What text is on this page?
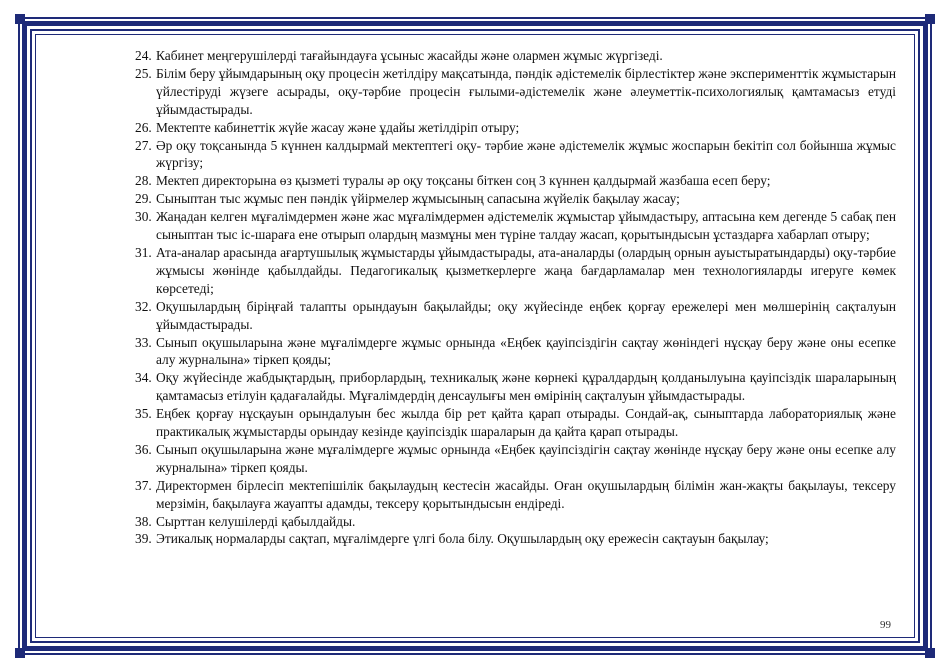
24. Кабинет меңгерушілерді тағайындауға ұсыныс жасайды және олармен жұмыс жүргізеді.

25. Білім беру ұйымдарының оқу процесін жетілдіру мақсатында, пәндік әдістемелік бірлестіктер және эксперименттік жұмыстарын үйлестіруді жүзеге асырады, оқу-тәрбие процесін ғылыми-әдістемелік және әлеуметтік-психологиялық қамтамасыз етуді ұйымдастырады.

26. Мектепте кабинеттік жүйе жасау және ұдайы жетілдіріп отыру;

27. Әр оқу тоқсанында 5 күннен калдырмай мектептегі оқу- тәрбие және әдістемелік жұмыс жоспарын бекітіп сол бойынша жұмыс жүргізу;

28. Мектеп директорына өз қызметі туралы әр оқу тоқсаны біткен соң 3 күннен қалдырмай жазбаша есеп беру;

29. Сыныптан тыс жұмыс пен пәндік үйірмелер жұмысының сапасына жүйелік бақылау жасау;

30. Жаңадан келген мұғалімдермен және жас мұғалімдермен әдістемелік жұмыстар ұйымдастыру, аптасына кем дегенде 5 сабақ пен сыныптан тыс іс-шараға ене отырып олардың мазмұны мен түріне талдау жасап, қорытындысын ұстаздарға хабарлап отыру;

31. Ата-аналар арасында ағартушылық жұмыстарды ұйымдастырады, ата-аналарды (олардың орнын ауыстыратындарды) оқу-тәрбие жұмысы жөнінде қабылдайды. Педагогикалық қызметкерлерге жаңа бағдарламалар мен технологияларды игеруге көмек көрсетеді;

32. Оқушылардың біріңғай талапты орындауын бақылайды; оқу жүйесінде еңбек қорғау ережелері мен мөлшерінің сақталуын ұйымдастырады.

33. Сынып оқушыларына және мұғалімдерге жұмыс орнында «Еңбек қауіпсіздігін сақтау жөніндегі нұсқау беру және оны есепке алу журналына» тіркеп қояды;

34. Оқу жүйесінде жабдықтардың, приборлардың, техникалық және көрнекі құралдардың қолданылуына қауіпсіздік шараларының қамтамасыз етілуін қадағалайды. Мұғалімдердің денсаулығы мен өмірінің сақталуын ұйымдастырады.

35. Еңбек қорғау нұсқауын орындалуын бес жылда бір рет қайта қарап отырады. Сондай-ақ, сыныптарда лабораториялық және практикалық жұмыстарды орындау кезінде қауіпсіздік шараларын да қайта қарап отырады.

36. Сынып оқушыларына және мұғалімдерге жұмыс орнында «Еңбек қауіпсіздігін сақтау жөнінде нұсқау беру және оны есепке алу журналына» тіркеп қояды.

37. Директормен бірлесіп мектепішілік бақылаудың кестесін жасайды. Оған оқушылардың білімін жан-жақты бақылауы, тексеру мерзімін, бақылауға жауапты адамды, тексеру қорытындысын ендіреді.

38. Сырттан келушілерді қабылдайды.

39. Этикалық нормаларды сақтап, мұғалімдерге үлгі бола білу. Оқушылардың оқу ережесін сақтауын бақылау;

99
